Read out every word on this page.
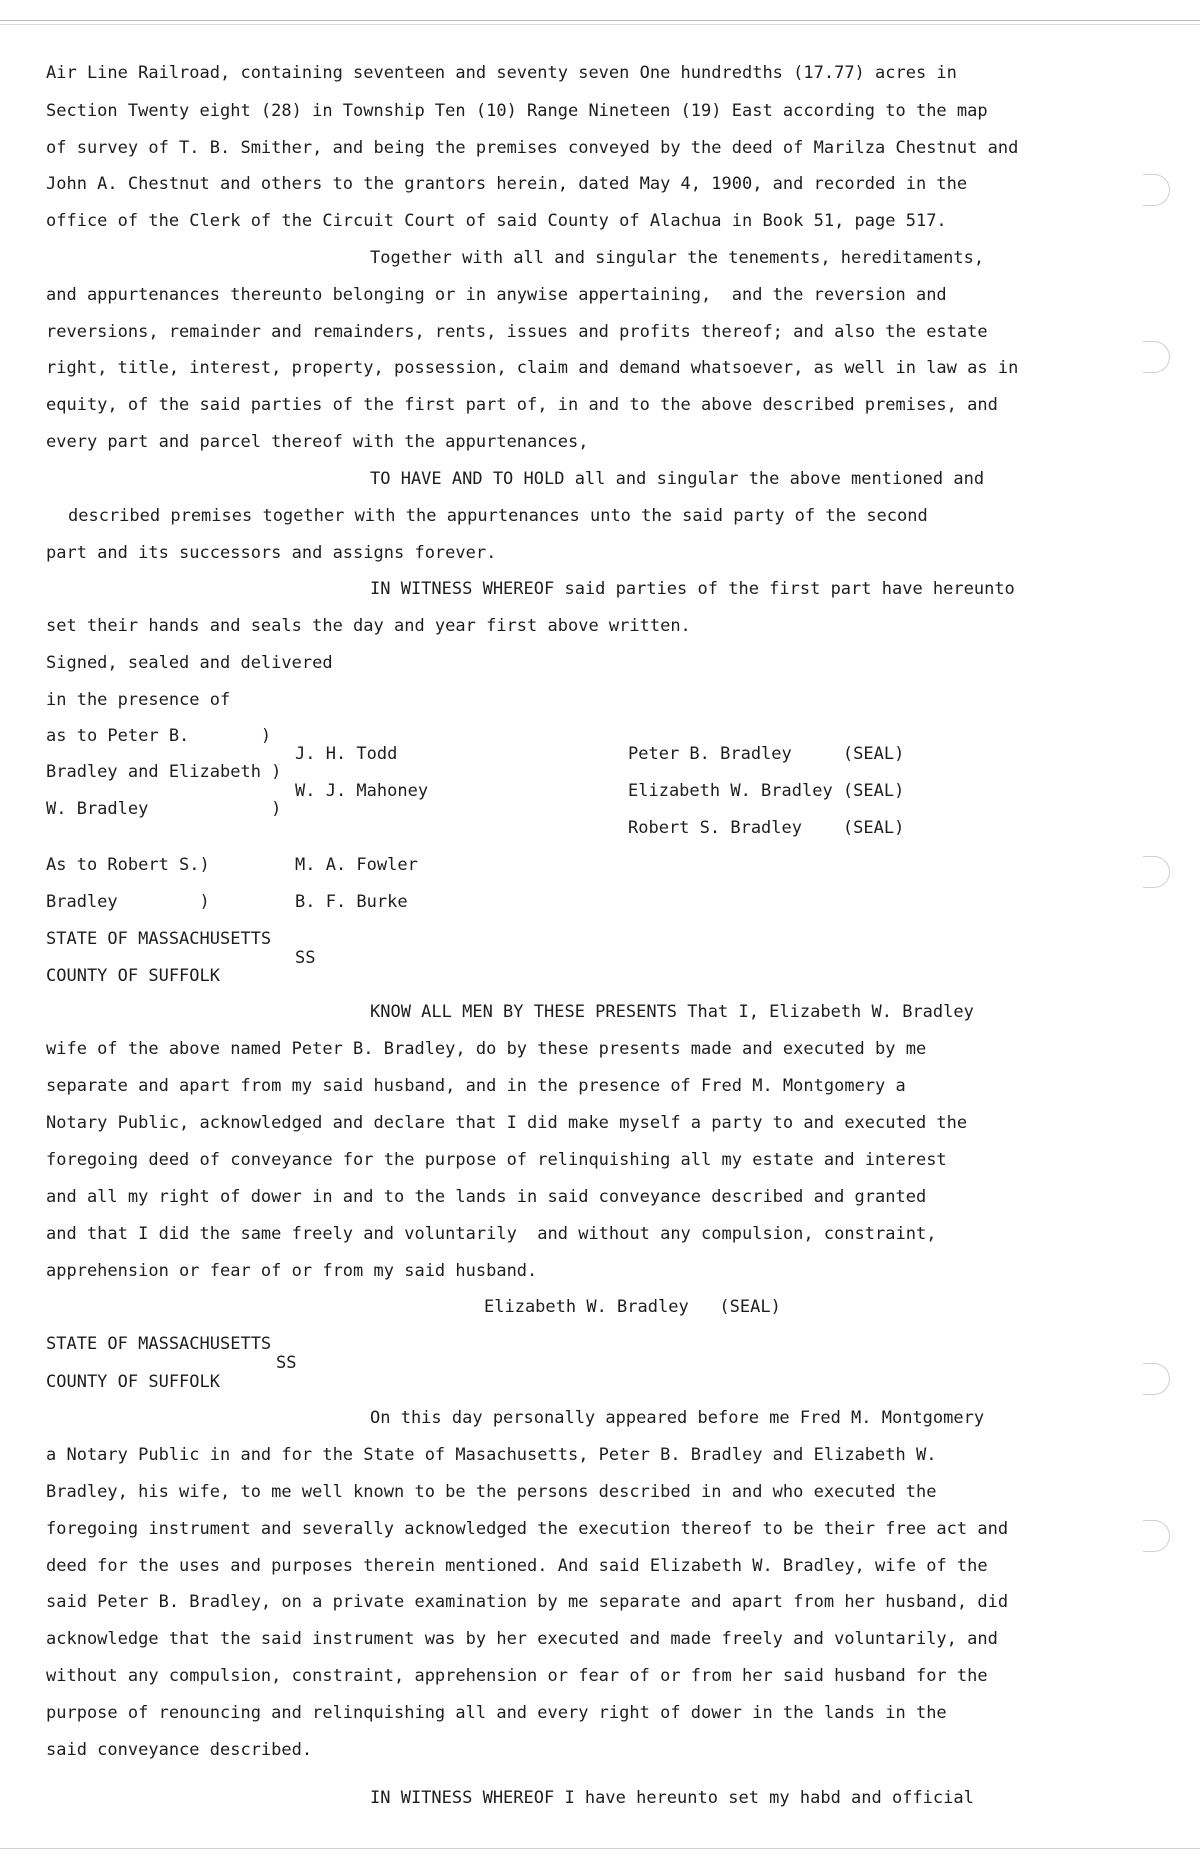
Air Line Railroad, containing seventeen and seventy seven One hundredths (17.77) acres in
Section Twenty eight (28) in Township Ten (10) Range Nineteen (19) East according to the map
of survey of T. B. Smither, and being the premises conveyed by the deed of Marilza Chestnut and
John A. Chestnut and others to the grantors herein, dated May 4, 1900, and recorded in the
office of the Clerk of the Circuit Court of said County of Alachua in Book 51, page 517.
Together with all and singular the tenements, hereditaments,
and appurtenances thereunto belonging or in anywise appertaining,  and the reversion and
reversions, remainder and remainders, rents, issues and profits thereof; and also the estate
right, title, interest, property, possession, claim and demand whatsoever, as well in law as in
equity, of the said parties of the first part of, in and to the above described premises, and
every part and parcel thereof with the appurtenances,
TO HAVE AND TO HOLD all and singular the above mentioned and
described premises together with the appurtenances unto the said party of the second
part and its successors and assigns forever.
IN WITNESS WHEREOF said parties of the first part have hereunto
set their hands and seals the day and year first above written.
Signed, sealed and delivered
in the presence of
as to Peter B.       )
Bradley and Elizabeth )
W. Bradley            )
J. H. Todd
W. J. Mahoney
Peter B. Bradley     (SEAL)
Elizabeth W. Bradley (SEAL)
Robert S. Bradley    (SEAL)
As to Robert S.)
Bradley        )
M. A. Fowler
B. F. Burke
STATE OF MASSACHUSETTS
SS
COUNTY OF SUFFOLK
KNOW ALL MEN BY THESE PRESENTS That I, Elizabeth W. Bradley
wife of the above named Peter B. Bradley, do by these presents made and executed by me
separate and apart from my said husband, and in the presence of Fred M. Montgomery a
Notary Public, acknowledged and declare that I did make myself a party to and executed the
foregoing deed of conveyance for the purpose of relinquishing all my estate and interest
and all my right of dower in and to the lands in said conveyance described and granted
and that I did the same freely and voluntarily  and without any compulsion, constraint,
apprehension or fear of or from my said husband.
Elizabeth W. Bradley   (SEAL)
STATE OF MASSACHUSETTS
SS
COUNTY OF SUFFOLK
On this day personally appeared before me Fred M. Montgomery
a Notary Public in and for the State of Masachusetts, Peter B. Bradley and Elizabeth W.
Bradley, his wife, to me well known to be the persons described in and who executed the
foregoing instrument and severally acknowledged the execution thereof to be their free act and
deed for the uses and purposes therein mentioned. And said Elizabeth W. Bradley, wife of the
said Peter B. Bradley, on a private examination by me separate and apart from her husband, did
acknowledge that the said instrument was by her executed and made freely and voluntarily, and
without any compulsion, constraint, apprehension or fear of or from her said husband for the
purpose of renouncing and relinquishing all and every right of dower in the lands in the
said conveyance described.
IN WITNESS WHEREOF I have hereunto set my habd and official
